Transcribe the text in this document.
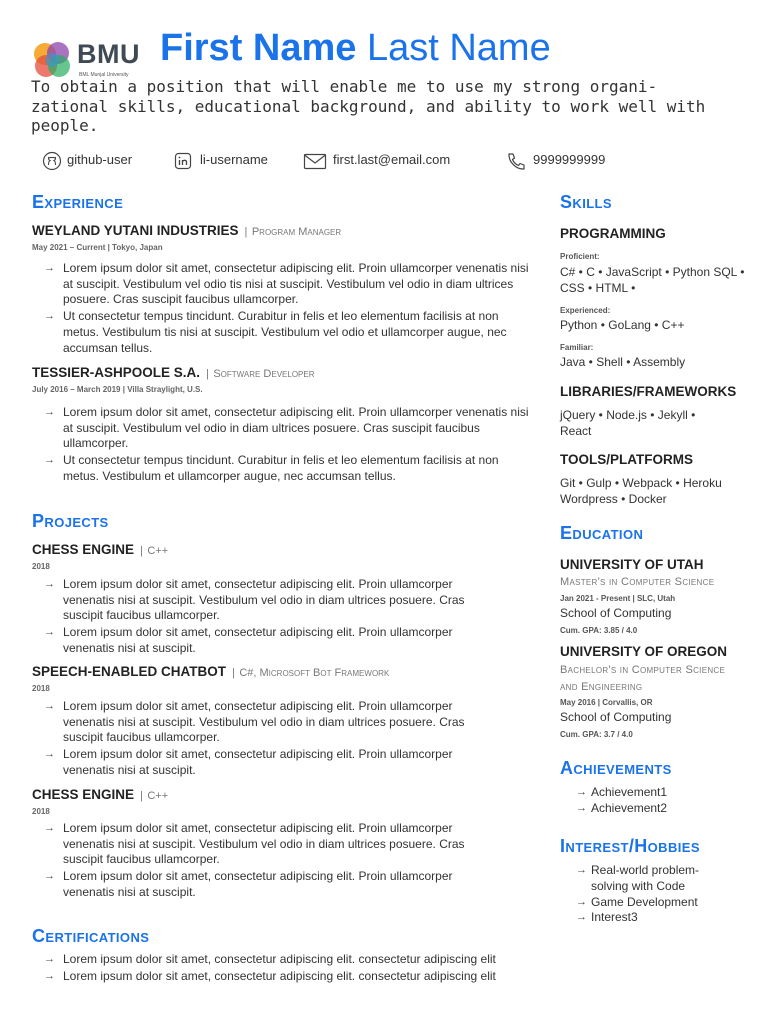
BMU
BML Munjal University
First Name Last Name
To obtain a position that will enable me to use my strong organi- zational skills, educational background, and ability to work well with people.
github-user	li-username	first.last@email.com	9999999999
Experience
WEYLAND YUTANI INDUSTRIES | Program Manager
May 2021 – Current | Tokyo, Japan
→ Lorem ipsum dolor sit amet, consectetur adipiscing elit. Proin ullamcorper venenatis nisi at suscipit. Vestibulum vel odio tis nisi at suscipit. Vestibulum vel odio in diam ultrices posuere. Cras suscipit faucibus ullamcorper.
→ Ut consectetur tempus tincidunt. Curabitur in felis et leo elementum facilisis at non metus. Vestibulum tis nisi at suscipit. Vestibulum vel odio et ullamcorper augue, nec accumsan tellus.
TESSIER-ASHPOOLE S.A. | Software Developer
July 2016 – March 2019 | Villa Straylight, U.S.
→ Lorem ipsum dolor sit amet, consectetur adipiscing elit. Proin ullamcorper venenatis nisi at suscipit. Vestibulum vel odio in diam ultrices posuere. Cras suscipit faucibus ullamcorper.
→ Ut consectetur tempus tincidunt. Curabitur in felis et leo elementum facilisis at non metus. Vestibulum et ullamcorper augue, nec accumsan tellus.
Projects
CHESS ENGINE | C++
2018
→ Lorem ipsum dolor sit amet, consectetur adipiscing elit. Proin ullamcorper venenatis nisi at suscipit. Vestibulum vel odio in diam ultrices posuere. Cras suscipit faucibus ullamcorper.
→ Lorem ipsum dolor sit amet, consectetur adipiscing elit. Proin ullamcorper venenatis nisi at suscipit.
SPEECH-ENABLED CHATBOT | C#, Microsoft Bot Framework
2018
→ Lorem ipsum dolor sit amet, consectetur adipiscing elit. Proin ullamcorper venenatis nisi at suscipit. Vestibulum vel odio in diam ultrices posuere. Cras suscipit faucibus ullamcorper.
→ Lorem ipsum dolor sit amet, consectetur adipiscing elit. Proin ullamcorper venenatis nisi at suscipit.
CHESS ENGINE | C++
2018
→ Lorem ipsum dolor sit amet, consectetur adipiscing elit. Proin ullamcorper venenatis nisi at suscipit. Vestibulum vel odio in diam ultrices posuere. Cras suscipit faucibus ullamcorper.
→ Lorem ipsum dolor sit amet, consectetur adipiscing elit. Proin ullamcorper venenatis nisi at suscipit.
Certifications
→ Lorem ipsum dolor sit amet, consectetur adipiscing elit. consectetur adipiscing elit
→ Lorem ipsum dolor sit amet, consectetur adipiscing elit. consectetur adipiscing elit
Skills
PROGRAMMING
Proficient:
C# • C • JavaScript • Python SQL • CSS • HTML •
Experienced:
Python • GoLang • C++
Familiar:
Java • Shell • Assembly
LIBRARIES/FRAMEWORKS
jQuery • Node.js • Jekyll • React
TOOLS/PLATFORMS
Git • Gulp • Webpack • Heroku Wordpress • Docker
Education
UNIVERSITY OF UTAH
Master's in Computer Science
Jan 2021 - Present | SLC, Utah
School of Computing
Cum. GPA: 3.85 / 4.0
UNIVERSITY OF OREGON
Bachelor's in Computer Science and Engineering
May 2016 | Corvallis, OR
School of Computing
Cum. GPA: 3.7 / 4.0
Achievements
→ Achievement1
→ Achievement2
Interest/Hobbies
→ Real-world problem-solving with Code
→ Game Development
→ Interest3
